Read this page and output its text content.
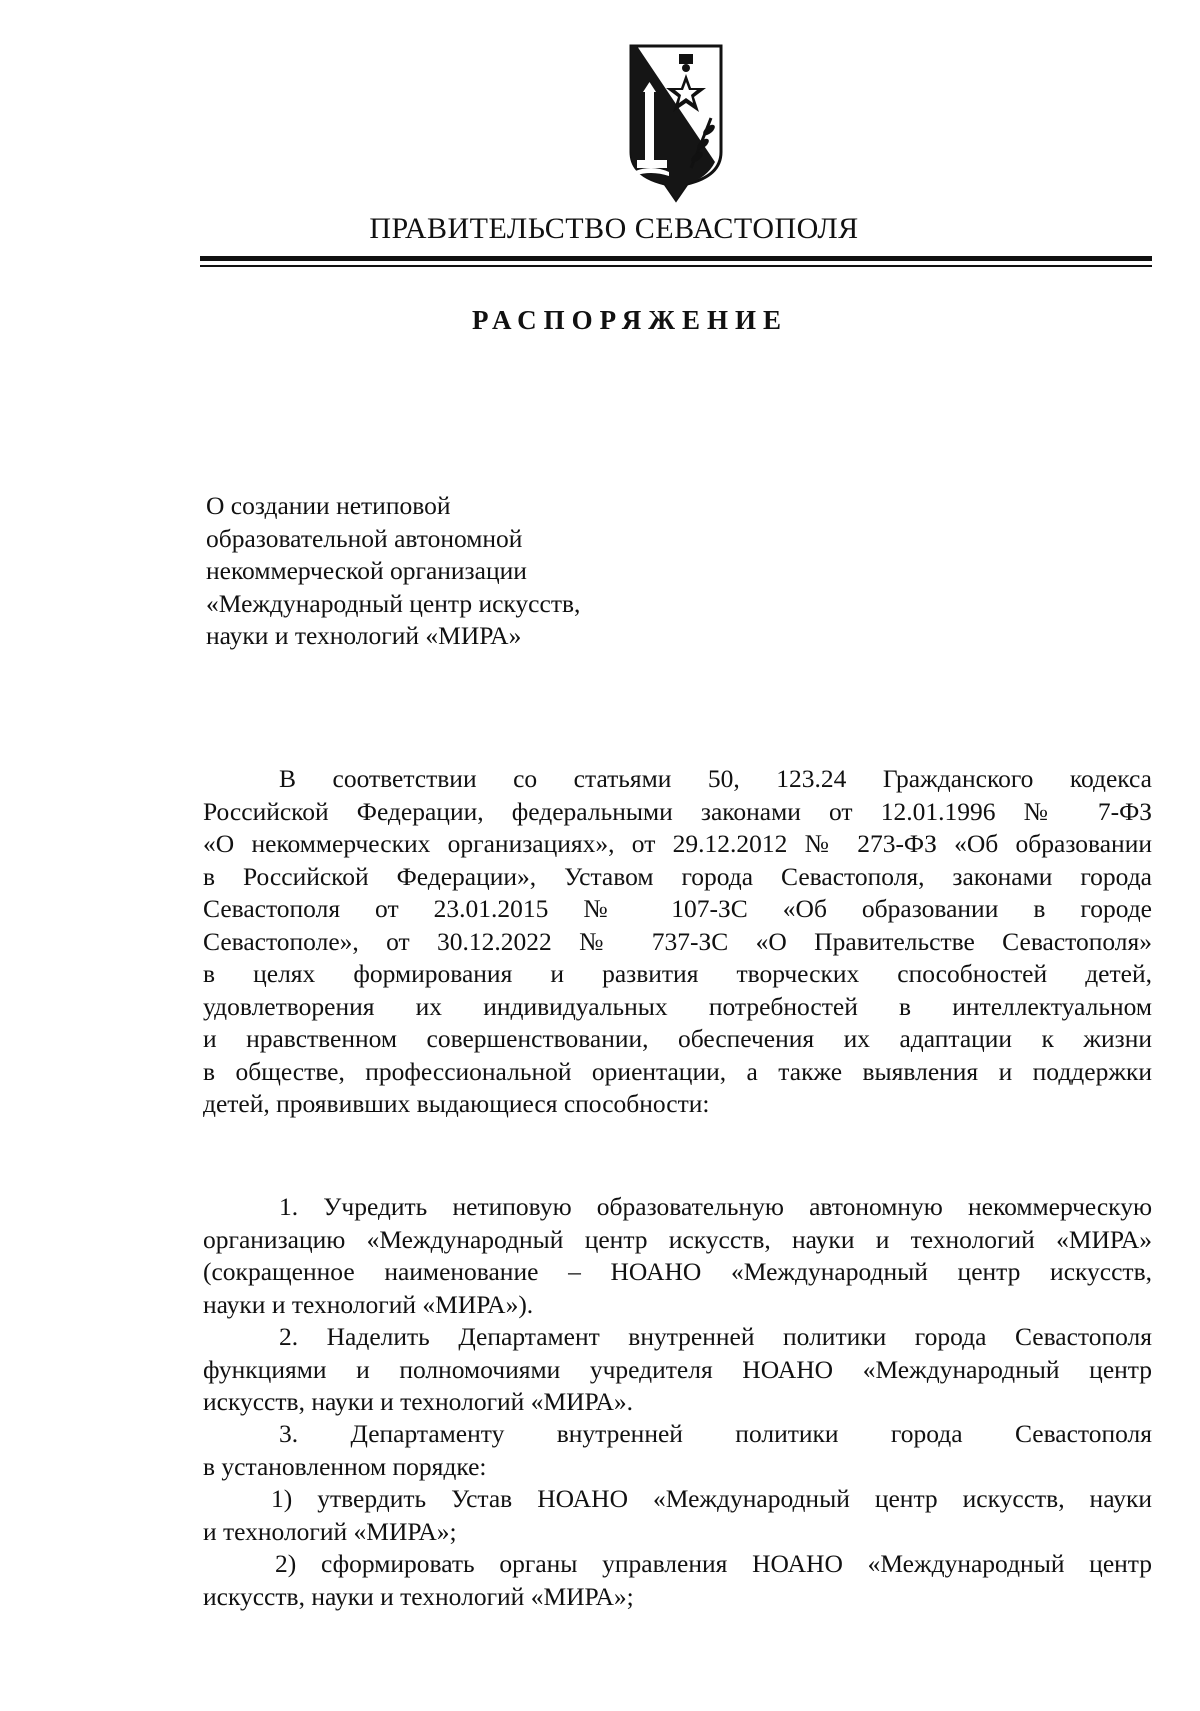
ПРАВИТЕЛЬСТВО СЕВАСТОПОЛЯ
РАСПОРЯЖЕНИЕ
О создании нетиповой
образовательной автономной
некоммерческой организации
«Международный центр искусств,
науки и технологий «МИРА»
В соответствии со статьями 50, 123.24 Гражданского кодекса
Российской Федерации, федеральными законами от 12.01.1996 № 7-ФЗ
«О некоммерческих организациях», от 29.12.2012 № 273-ФЗ «Об образовании
в Российской Федерации», Уставом города Севастополя, законами города
Севастополя от 23.01.2015 № 107-ЗС «Об образовании в городе
Севастополе», от 30.12.2022 № 737-ЗС «О Правительстве Севастополя»
в целях формирования и развития творческих способностей детей,
удовлетворения их индивидуальных потребностей в интеллектуальном
и нравственном совершенствовании, обеспечения их адаптации к жизни
в обществе, профессиональной ориентации, а также выявления и поддержки
детей, проявивших выдающиеся способности:
1. Учредить нетиповую образовательную автономную некоммерческую
организацию «Международный центр искусств, науки и технологий «МИРА»
(сокращенное наименование – НОАНО «Международный центр искусств,
науки и технологий «МИРА»).
2. Наделить Департамент внутренней политики города Севастополя
функциями и полномочиями учредителя НОАНО «Международный центр
искусств, науки и технологий «МИРА».
3. Департаменту внутренней политики города Севастополя
в установленном порядке:
1) утвердить Устав НОАНО «Международный центр искусств, науки
и технологий «МИРА»;
2) сформировать органы управления НОАНО «Международный центр
искусств, науки и технологий «МИРА»;
